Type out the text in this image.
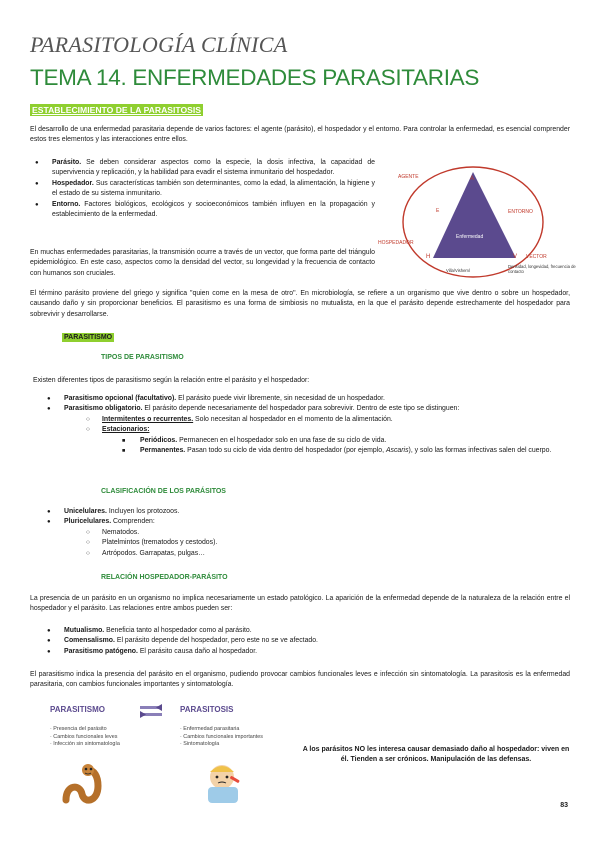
PARASITOLOGÍA CLÍNICA
TEMA 14. ENFERMEDADES PARASITARIAS
ESTABLECIMIENTO DE LA PARASITOSIS

El desarrollo de una enfermedad parasitaria depende de varios factores: el agente (parásito), el hospedador y el entorno. Para controlar la enfermedad, es esencial comprender estos tres elementos y las interacciones entre ellos.

● Parásito. Se deben considerar aspectos como la especie, la dosis infectiva, la capacidad de supervivencia y replicación, y la habilidad para evadir el sistema inmunitario del hospedador.
● Hospedador. Sus características también son determinantes, como la edad, la alimentación, la higiene y el estado de su sistema inmunitario.
● Entorno. Factores biológicos, ecológicos y socioeconómicos también influyen en la propagación y establecimiento de la enfermedad.

En muchas enfermedades parasitarias, la transmisión ocurre a través de un vector, que forma parte del triángulo epidemiológico. En este caso, aspectos como la densidad del vector, su longevidad y la frecuencia de contacto con humanos son cruciales.

Enfermedad
AGENTE
ENTORNO
HOSPEDADOR
VECTOR
A
E
H	V
Villa/Visheml
Densidad, longevidad, frecuencia de contacto

El término parásito proviene del griego y significa "quien come en la mesa de otro". En microbiología, se refiere a un organismo que vive dentro o sobre un hospedador, causando daño y sin proporcionar beneficios. El parasitismo es una forma de simbiosis no mutualista, en la que el parásito depende estrechamente del hospedador para sobrevivir y desarrollarse.

PARASITISMO
TIPOS DE PARASITISMO

Existen diferentes tipos de parasitismo según la relación entre el parásito y el hospedador:

● Parasitismo opcional (facultativo). El parásito puede vivir libremente, sin necesidad de un hospedador.
● Parasitismo obligatorio. El parásito depende necesariamente del hospedador para sobrevivir. Dentro de este tipo se distinguen:
○ Intermitentes o recurrentes. Solo necesitan al hospedador en el momento de la alimentación.
○ Estacionarios:
■ Periódicos. Permanecen en el hospedador solo en una fase de su ciclo de vida.
■ Permanentes. Pasan todo su ciclo de vida dentro del hospedador (por ejemplo, Ascaris), y solo las formas infectivas salen del cuerpo.
CLASIFICACIÓN DE LOS PARÁSITOS
● Unicelulares. Incluyen los protozoos.
● Pluricelulares. Comprenden:
○ Nematodos.
○ Platelmintos (trematodos y cestodos).
○ Artrópodos. Garrapatas, pulgas…
RELACIÓN HOSPEDADOR-PARÁSITO

La presencia de un parásito en un organismo no implica necesariamente un estado patológico. La aparición de la enfermedad depende de la naturaleza de la relación entre el hospedador y el parásito. Las relaciones entre ambos pueden ser:

● Mutualismo. Beneficia tanto al hospedador como al parásito.
● Comensalismo. El parásito depende del hospedador, pero este no se ve afectado.
● Parasitismo patógeno. El parásito causa daño al hospedador.

El parasitismo indica la presencia del parásito en el organismo, pudiendo provocar cambios funcionales leves e infección sin sintomatología. La parasitosis es la enfermedad parasitaria, con cambios funcionales importantes y sintomatología.

PARASITISMO
· Presencia del parásito
· Cambios funcionales leves
· Infección sin sintomatología
PARASITOSIS
· Enfermedad parasitaria
· Cambios funcionales importantes
· Sintomatología
A los parásitos NO les interesa causar demasiado daño al hospedador: viven en él. Tienden a ser crónicos. Manipulación de las defensas.
83
